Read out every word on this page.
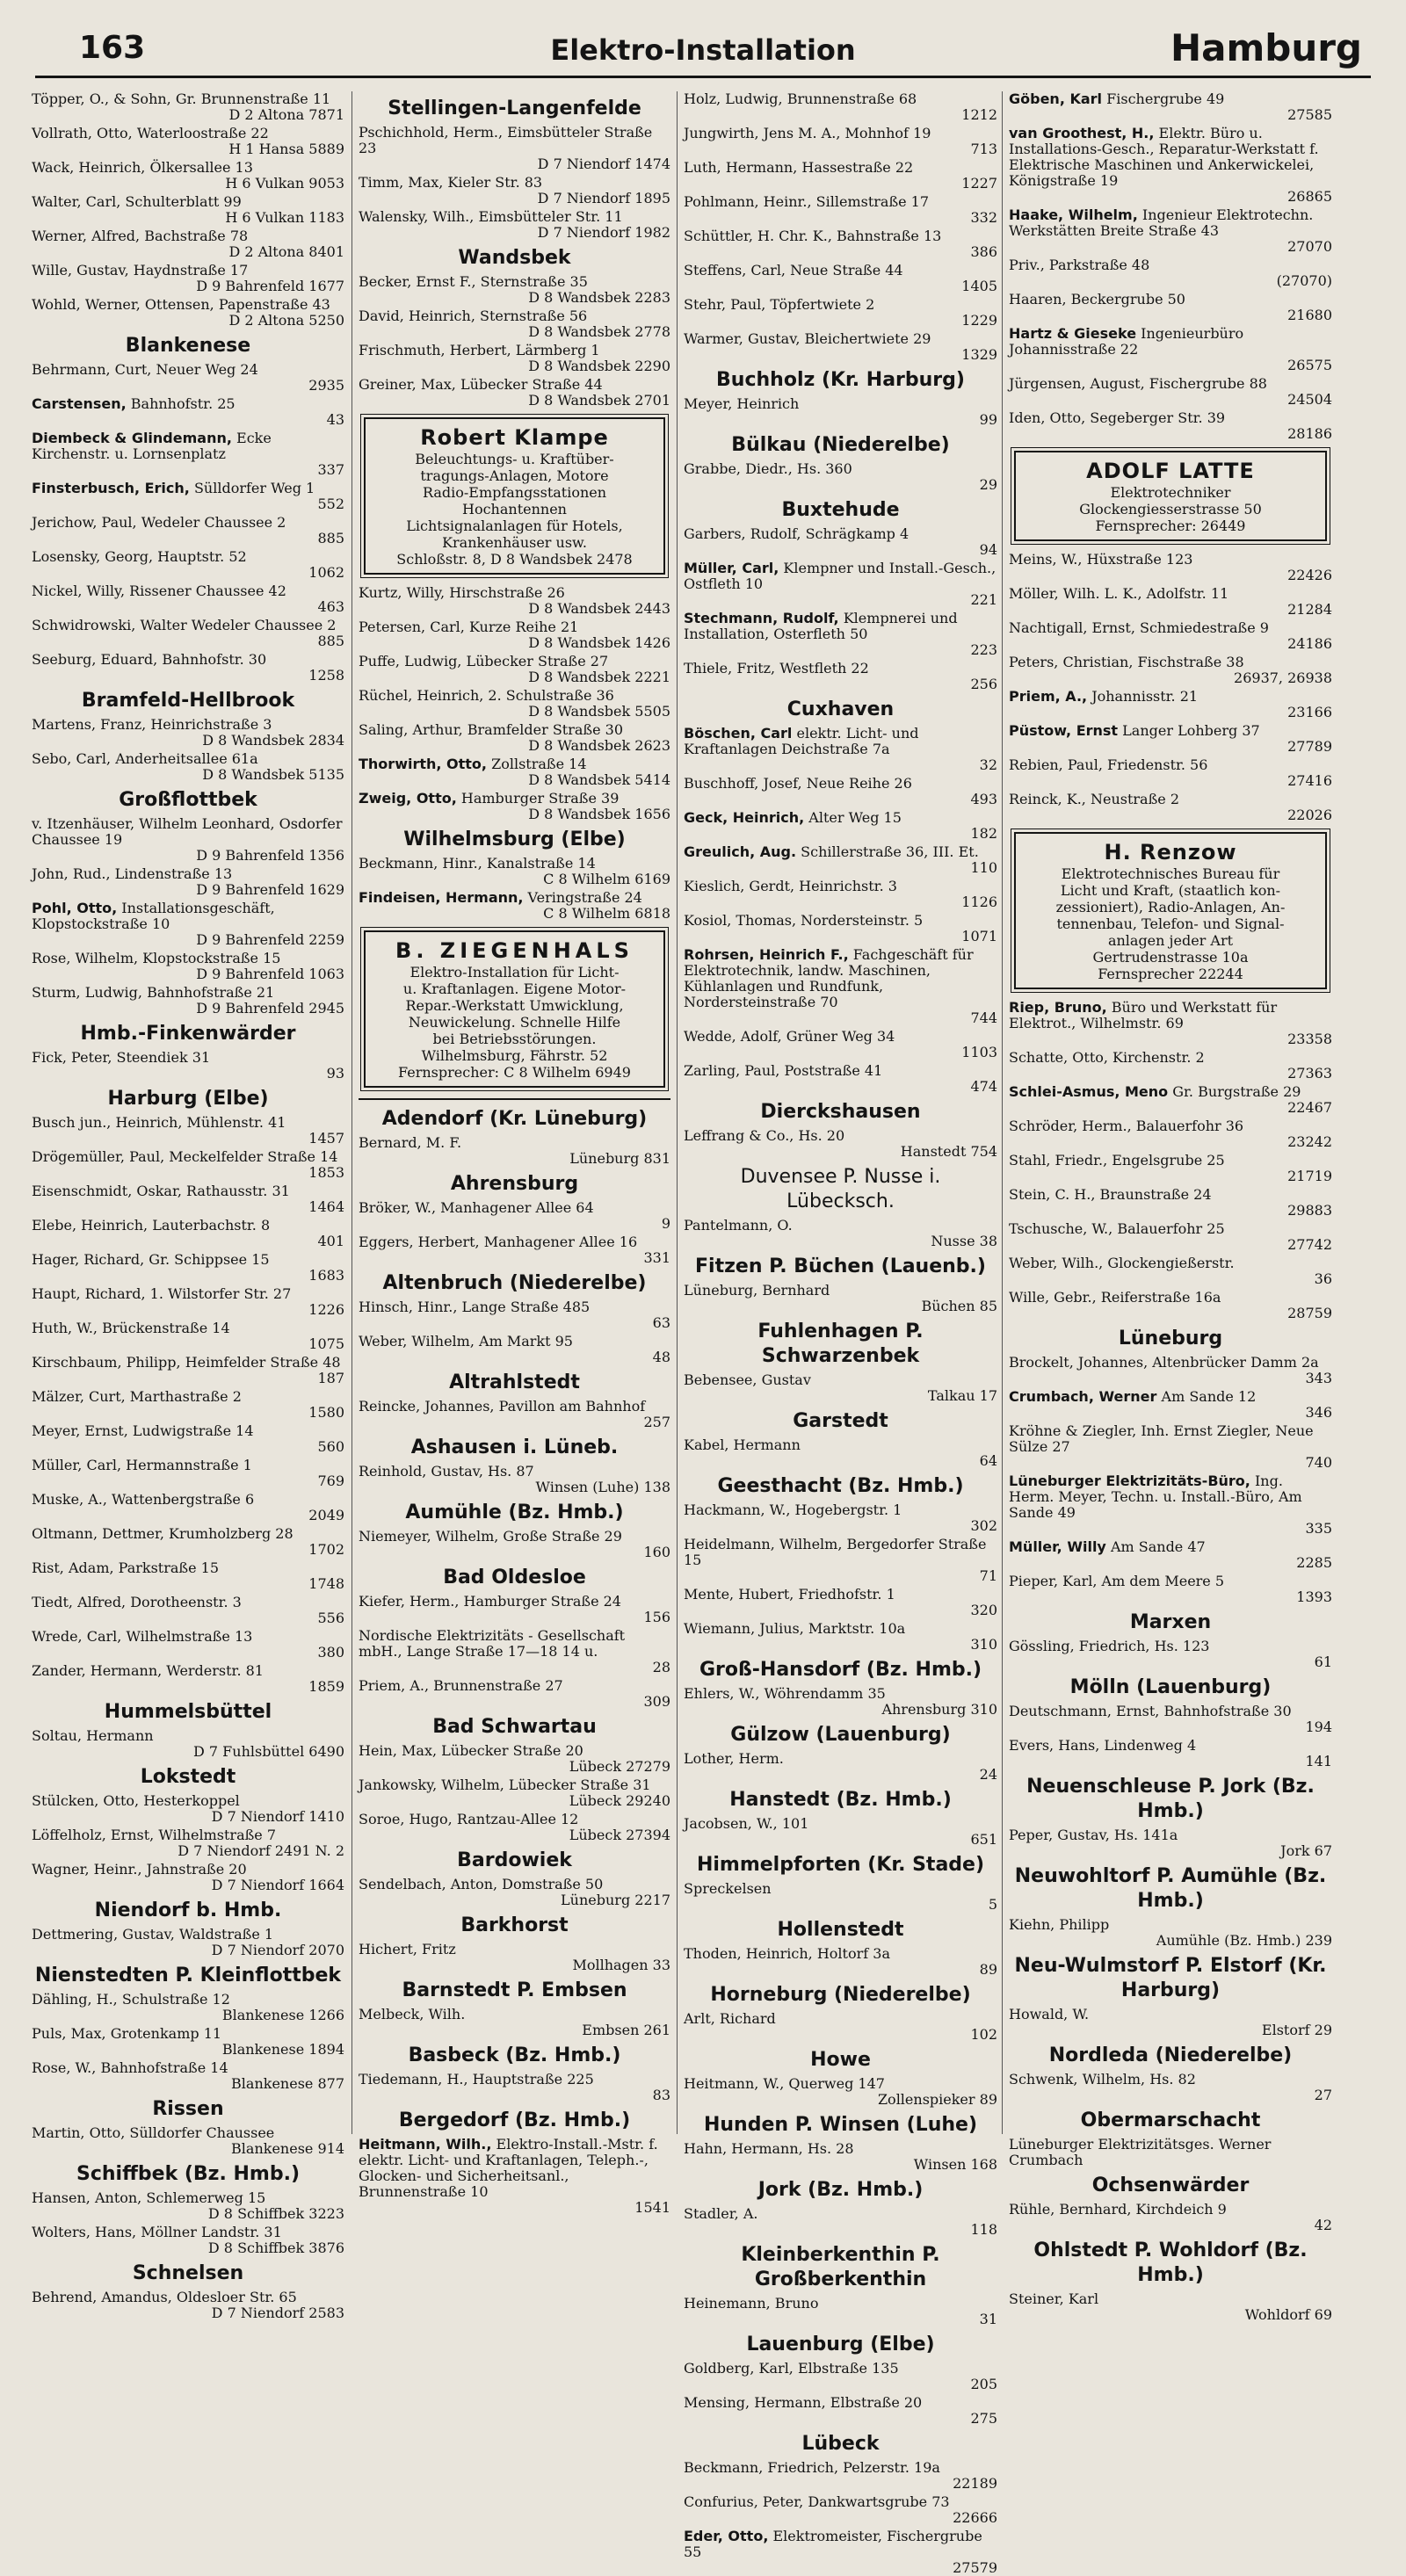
163	Elektro-Installation	Hamburg
Töpper, O., & Sohn, Gr. Brunnenstraße 11
D 2 Altona 7871
Vollrath, Otto, Waterloostraße 22
H 1 Hansa 5889
Wack, Heinrich, Ölkersallee 13
H 6 Vulkan 9053
Walter, Carl, Schulterblatt 99
H 6 Vulkan 1183
Werner, Alfred, Bachstraße 78
D 2 Altona 8401
Wille, Gustav, Haydnstraße 17
D 9 Bahrenfeld 1677
Wohld, Werner, Ottensen, Papenstraße 43
D 2 Altona 5250
Blankenese
Behrmann, Curt, Neuer Weg 24
2935
Carstensen, Bahnhofstr. 25
43
Diembeck & Glindemann, Ecke Kirchenstr. u. Lornsenplatz
337
Finsterbusch, Erich, Sülldorfer Weg 1
552
Jerichow, Paul, Wedeler Chaussee 2
885
Losensky, Georg, Hauptstr. 52
1062
Nickel, Willy, Rissener Chaussee 42
463
Schwidrowski, Walter Wedeler Chaussee 2
885
Seeburg, Eduard, Bahnhofstr. 30
1258
Bramfeld-Hellbrook
Martens, Franz, Heinrichstraße 3
D 8 Wandsbek 2834
Sebo, Carl, Anderheitsallee 61a
D 8 Wandsbek 5135
Großflottbek
v. Itzenhäuser, Wilhelm Leonhard, Osdorfer Chaussee 19
D 9 Bahrenfeld 1356
John, Rud., Lindenstraße 13
D 9 Bahrenfeld 1629
Pohl, Otto, Installationsgeschäft, Klopstockstraße 10
D 9 Bahrenfeld 2259
Rose, Wilhelm, Klopstockstraße 15
D 9 Bahrenfeld 1063
Sturm, Ludwig, Bahnhofstraße 21
D 9 Bahrenfeld 2945
Hmb.-Finkenwärder
Fick, Peter, Steendiek 31
93
Harburg (Elbe)
Busch jun., Heinrich, Mühlenstr. 41
1457
Drögemüller, Paul, Meckelfelder Straße 14
1853
Eisenschmidt, Oskar, Rathausstr. 31
1464
Elebe, Heinrich, Lauterbachstr. 8
401
Hager, Richard, Gr. Schippsee 15
1683
Haupt, Richard, 1. Wilstorfer Str. 27
1226
Huth, W., Brückenstraße 14
1075
Kirschbaum, Philipp, Heimfelder Straße 48
187
Mälzer, Curt, Marthastraße 2
1580
Meyer, Ernst, Ludwigstraße 14
560
Müller, Carl, Hermannstraße 1
769
Muske, A., Wattenbergstraße 6
2049
Oltmann, Dettmer, Krumholzberg 28
1702
Rist, Adam, Parkstraße 15
1748
Tiedt, Alfred, Dorotheenstr. 3
556
Wrede, Carl, Wilhelmstraße 13
380
Zander, Hermann, Werderstr. 81
1859
Hummelsbüttel
Soltau, Hermann
D 7 Fuhlsbüttel 6490
Lokstedt
Stülcken, Otto, Hesterkoppel
D 7 Niendorf 1410
Löffelholz, Ernst, Wilhelmstraße 7
D 7 Niendorf 2491 N. 2
Wagner, Heinr., Jahnstraße 20
D 7 Niendorf 1664
Niendorf b. Hmb.
Dettmering, Gustav, Waldstraße 1
D 7 Niendorf 2070
Nienstedten P. Kleinflottbek
Dähling, H., Schulstraße 12
Blankenese 1266
Puls, Max, Grotenkamp 11
Blankenese 1894
Rose, W., Bahnhofstraße 14
Blankenese 877
Rissen
Martin, Otto, Sülldorfer Chaussee
Blankenese 914
Schiffbek (Bz. Hmb.)
Hansen, Anton, Schlemerweg 15
D 8 Schiffbek 3223
Wolters, Hans, Möllner Landstr. 31
D 8 Schiffbek 3876
Schnelsen
Behrend, Amandus, Oldesloer Str. 65
D 7 Niendorf 2583
Stellingen-Langenfelde
Pschichhold, Herm., Eimsbütteler Straße 23
D 7 Niendorf 1474
Timm, Max, Kieler Str. 83
D 7 Niendorf 1895
Walensky, Wilh., Eimsbütteler Str. 11
D 7 Niendorf 1982
Wandsbek
Becker, Ernst F., Sternstraße 35
D 8 Wandsbek 2283
David, Heinrich, Sternstraße 56
D 8 Wandsbek 2778
Frischmuth, Herbert, Lärmberg 1
D 8 Wandsbek 2290
Greiner, Max, Lübecker Straße 44
D 8 Wandsbek 2701
Robert Klampe
Beleuchtungs- u. Kraftüber-
tragungs-Anlagen, Motore
Radio-Empfangsstationen
Hochantennen
Lichtsignalanlagen für Hotels,
Krankenhäuser usw.
Schloßstr. 8, D 8 Wandsbek 2478
Kurtz, Willy, Hirschstraße 26
D 8 Wandsbek 2443
Petersen, Carl, Kurze Reihe 21
D 8 Wandsbek 1426
Puffe, Ludwig, Lübecker Straße 27
D 8 Wandsbek 2221
Rüchel, Heinrich, 2. Schulstraße 36
D 8 Wandsbek 5505
Saling, Arthur, Bramfelder Straße 30
D 8 Wandsbek 2623
Thorwirth, Otto, Zollstraße 14
D 8 Wandsbek 5414
Zweig, Otto, Hamburger Straße 39
D 8 Wandsbek 1656
Wilhelmsburg (Elbe)
Beckmann, Hinr., Kanalstraße 14
C 8 Wilhelm 6169
Findeisen, Hermann, Veringstraße 24
C 8 Wilhelm 6818
B. ZIEGENHALS
Elektro-Installation für Licht-
u. Kraftanlagen. Eigene Motor-
Repar.-Werkstatt Umwicklung,
Neuwickelung. Schnelle Hilfe
bei Betriebsstörungen.
Wilhelmsburg, Fährstr. 52
Fernsprecher: C 8 Wilhelm 6949
Adendorf (Kr. Lüneburg)
Bernard, M. F.
Lüneburg 831
Ahrensburg
Bröker, W., Manhagener Allee 64
9
Eggers, Herbert, Manhagener Allee 16
331
Altenbruch (Niederelbe)
Hinsch, Hinr., Lange Straße 485
63
Weber, Wilhelm, Am Markt 95
48
Altrahlstedt
Reincke, Johannes, Pavillon am Bahnhof
257
Ashausen i. Lüneb.
Reinhold, Gustav, Hs. 87
Winsen (Luhe) 138
Aumühle (Bz. Hmb.)
Niemeyer, Wilhelm, Große Straße 29
160
Bad Oldesloe
Kiefer, Herm., Hamburger Straße 24
156
Nordische Elektrizitäts - Gesellschaft mbH., Lange Straße 17—18 14 u.
28
Priem, A., Brunnenstraße 27
309
Bad Schwartau
Hein, Max, Lübecker Straße 20
Lübeck 27279
Jankowsky, Wilhelm, Lübecker Straße 31
Lübeck 29240
Soroe, Hugo, Rantzau-Allee 12
Lübeck 27394
Bardowiek
Sendelbach, Anton, Domstraße 50
Lüneburg 2217
Barkhorst
Hichert, Fritz
Mollhagen 33
Barnstedt P. Embsen
Melbeck, Wilh.
Embsen 261
Basbeck (Bz. Hmb.)
Tiedemann, H., Hauptstraße 225
83
Bergedorf (Bz. Hmb.)
Heitmann, Wilh., Elektro-Install.-Mstr. f. elektr. Licht- und Kraftanlagen, Teleph.-, Glocken- und Sicherheitsanl., Brunnenstraße 10
1541
Holz, Ludwig, Brunnenstraße 68
1212
Jungwirth, Jens M. A., Mohnhof 19
713
Luth, Hermann, Hassestraße 22
1227
Pohlmann, Heinr., Sillemstraße 17
332
Schüttler, H. Chr. K., Bahnstraße 13
386
Steffens, Carl, Neue Straße 44
1405
Stehr, Paul, Töpfertwiete 2
1229
Warmer, Gustav, Bleichertwiete 29
1329
Buchholz (Kr. Harburg)
Meyer, Heinrich
99
Bülkau (Niederelbe)
Grabbe, Diedr., Hs. 360
29
Buxtehude
Garbers, Rudolf, Schrägkamp 4
94
Müller, Carl, Klempner und Install.-Gesch., Ostfleth 10
221
Stechmann, Rudolf, Klempnerei und Installation, Osterfleth 50
223
Thiele, Fritz, Westfleth 22
256
Cuxhaven
Böschen, Carl elektr. Licht- und Kraftanlagen Deichstraße 7a
32
Buschhoff, Josef, Neue Reihe 26
493
Geck, Heinrich, Alter Weg 15
182
Greulich, Aug. Schillerstraße 36, III. Et.
110
Kieslich, Gerdt, Heinrichstr. 3
1126
Kosiol, Thomas, Nordersteinstr. 5
1071
Rohrsen, Heinrich F., Fachgeschäft für Elektrotechnik, landw. Maschinen, Kühlanlagen und Rundfunk, Nordersteinstraße 70
744
Wedde, Adolf, Grüner Weg 34
1103
Zarling, Paul, Poststraße 41
474
Dierckshausen
Leffrang & Co., Hs. 20
Hanstedt 754
Duvensee P. Nusse i. Lübecksch.
Pantelmann, O.
Nusse 38
Fitzen P. Büchen (Lauenb.)
Lüneburg, Bernhard
Büchen 85
Fuhlenhagen P. Schwarzenbek
Bebensee, Gustav
Talkau 17
Garstedt
Kabel, Hermann
64
Geesthacht (Bz. Hmb.)
Hackmann, W., Hogebergstr. 1
302
Heidelmann, Wilhelm, Bergedorfer Straße 15
71
Mente, Hubert, Friedhofstr. 1
320
Wiemann, Julius, Marktstr. 10a
310
Groß-Hansdorf (Bz. Hmb.)
Ehlers, W., Wöhrendamm 35
Ahrensburg 310
Gülzow (Lauenburg)
Lother, Herm.
24
Hanstedt (Bz. Hmb.)
Jacobsen, W., 101
651
Himmelpforten (Kr. Stade)
Spreckelsen
5
Hollenstedt
Thoden, Heinrich, Holtorf 3a
89
Horneburg (Niederelbe)
Arlt, Richard
102
Howe
Heitmann, W., Querweg 147
Zollenspieker 89
Hunden P. Winsen (Luhe)
Hahn, Hermann, Hs. 28
Winsen 168
Jork (Bz. Hmb.)
Stadler, A.
118
Kleinberkenthin P. Großberkenthin
Heinemann, Bruno
31
Lauenburg (Elbe)
Goldberg, Karl, Elbstraße 135
205
Mensing, Hermann, Elbstraße 20
275
Lübeck
Beckmann, Friedrich, Pelzerstr. 19a
22189
Confurius, Peter, Dankwartsgrube 73
22666
Eder, Otto, Elektromeister, Fischergrube 55
27579
Göben, Karl Fischergrube 49
27585
van Groothest, H., Elektr. Büro u. Installations-Gesch., Reparatur-Werkstatt f. Elektrische Maschinen und Ankerwickelei, Königstraße 19
26865
Haake, Wilhelm, Ingenieur Elektrotechn. Werkstätten Breite Straße 43
27070
Priv., Parkstraße 48
(27070)
Haaren, Beckergrube 50
21680
Hartz & Gieseke Ingenieurbüro Johannisstraße 22
26575
Jürgensen, August, Fischergrube 88
24504
Iden, Otto, Segeberger Str. 39
28186
ADOLF LATTE
Elektrotechniker
Glockengiesserstrasse 50
Fernsprecher: 26449
Meins, W., Hüxstraße 123
22426
Möller, Wilh. L. K., Adolfstr. 11
21284
Nachtigall, Ernst, Schmiedestraße 9
24186
Peters, Christian, Fischstraße 38
26937, 26938
Priem, A., Johannisstr. 21
23166
Püstow, Ernst Langer Lohberg 37
27789
Rebien, Paul, Friedenstr. 56
27416
Reinck, K., Neustraße 2
22026
H. Renzow
Elektrotechnisches Bureau für
Licht und Kraft, (staatlich kon-
zessioniert), Radio-Anlagen, An-
tennenbau, Telefon- und Signal-
anlagen jeder Art
Gertrudenstrasse 10a
Fernsprecher 22244
Riep, Bruno, Büro und Werkstatt für Elektrot., Wilhelmstr. 69
23358
Schatte, Otto, Kirchenstr. 2
27363
Schlei-Asmus, Meno Gr. Burgstraße 29
22467
Schröder, Herm., Balauerfohr 36
23242
Stahl, Friedr., Engelsgrube 25
21719
Stein, C. H., Braunstraße 24
29883
Tschusche, W., Balauerfohr 25
27742
Weber, Wilh., Glockengießerstr.
36
Wille, Gebr., Reiferstraße 16a
28759
Lüneburg
Brockelt, Johannes, Altenbrücker Damm 2a
343
Crumbach, Werner Am Sande 12
346
Kröhne & Ziegler, Inh. Ernst Ziegler, Neue Sülze 27
740
Lüneburger Elektrizitäts-Büro, Ing. Herm. Meyer, Techn. u. Install.-Büro, Am Sande 49
335
Müller, Willy Am Sande 47
2285
Pieper, Karl, Am dem Meere 5
1393
Marxen
Gössling, Friedrich, Hs. 123
61
Mölln (Lauenburg)
Deutschmann, Ernst, Bahnhofstraße 30
194
Evers, Hans, Lindenweg 4
141
Neuenschleuse P. Jork (Bz. Hmb.)
Peper, Gustav, Hs. 141a
Jork 67
Neuwohltorf P. Aumühle (Bz. Hmb.)
Kiehn, Philipp
Aumühle (Bz. Hmb.) 239
Neu-Wulmstorf P. Elstorf (Kr. Harburg)
Howald, W.
Elstorf 29
Nordleda (Niederelbe)
Schwenk, Wilhelm, Hs. 82
27
Obermarschacht
Lüneburger Elektrizitätsges. Werner Crumbach
Ochsenwärder
Rühle, Bernhard, Kirchdeich 9
42
Ohlstedt P. Wohldorf (Bz. Hmb.)
Steiner, Karl
Wohldorf 69
